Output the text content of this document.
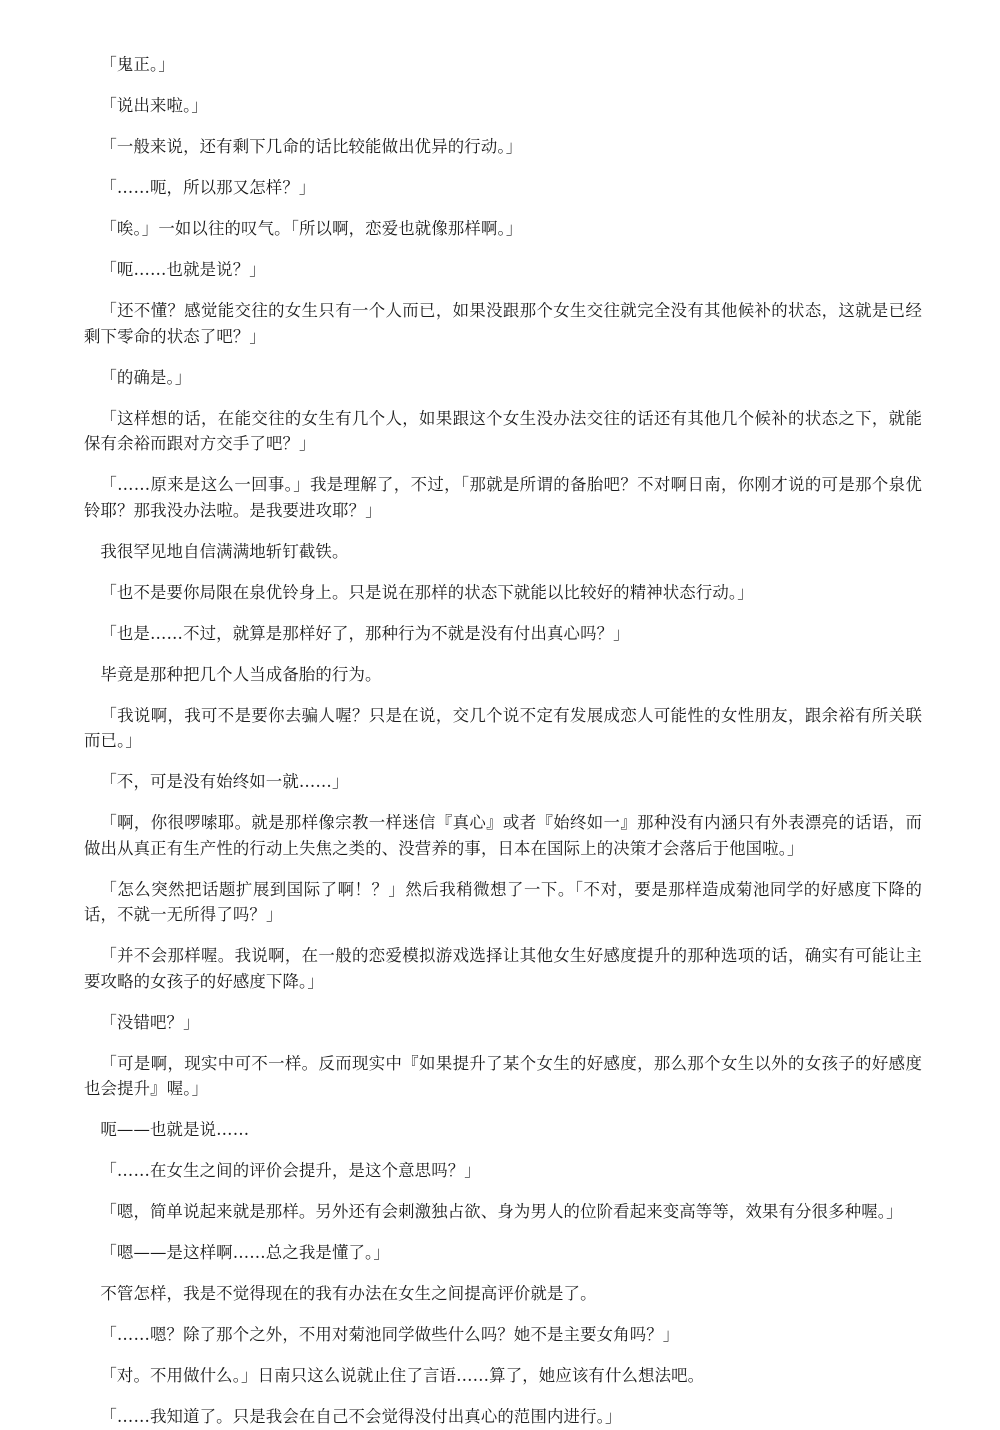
「鬼正。」

「说出来啦。」

「一般来说，还有剩下几命的话比较能做出优异的行动。」

「……呃，所以那又怎样？」

「唉。」一如以往的叹气。「所以啊，恋爱也就像那样啊。」

「呃……也就是说？」

「还不懂？感觉能交往的女生只有一个人而已，如果没跟那个女生交往就完全没有其他候补的状态，这就是已经剩下零命的状态了吧？」

「的确是。」

「这样想的话，在能交往的女生有几个人，如果跟这个女生没办法交往的话还有其他几个候补的状态之下，就能保有余裕而跟对方交手了吧？」

「……原来是这么一回事。」我是理解了，不过，「那就是所谓的备胎吧？不对啊日南，你刚才说的可是那个泉优铃耶？那我没办法啦。是我要进攻耶？」

我很罕见地自信满满地斩钉截铁。

「也不是要你局限在泉优铃身上。只是说在那样的状态下就能以比较好的精神状态行动。」

「也是……不过，就算是那样好了，那种行为不就是没有付出真心吗？」

毕竟是那种把几个人当成备胎的行为。

「我说啊，我可不是要你去骗人喔？只是在说，交几个说不定有发展成恋人可能性的女性朋友，跟余裕有所关联而已。」

「不，可是没有始终如一就……」

「啊，你很啰嗦耶。就是那样像宗教一样迷信『真心』或者『始终如一』那种没有内涵只有外表漂亮的话语，而做出从真正有生产性的行动上失焦之类的、没营养的事，日本在国际上的决策才会落后于他国啦。」

「怎么突然把话题扩展到国际了啊！？」然后我稍微想了一下。「不对，要是那样造成菊池同学的好感度下降的话，不就一无所得了吗？」

「并不会那样喔。我说啊，在一般的恋爱模拟游戏选择让其他女生好感度提升的那种选项的话，确实有可能让主要攻略的女孩子的好感度下降。」

「没错吧？」

「可是啊，现实中可不一样。反而现实中『如果提升了某个女生的好感度，那么那个女生以外的女孩子的好感度也会提升』喔。」

呃——也就是说……

「……在女生之间的评价会提升，是这个意思吗？」

「嗯，简单说起来就是那样。另外还有会刺激独占欲、身为男人的位阶看起来变高等等，效果有分很多种喔。」

「嗯——是这样啊……总之我是懂了。」

不管怎样，我是不觉得现在的我有办法在女生之间提高评价就是了。

「……嗯？除了那个之外，不用对菊池同学做些什么吗？她不是主要女角吗？」

「对。不用做什么。」日南只这么说就止住了言语……算了，她应该有什么想法吧。

「……我知道了。只是我会在自己不会觉得没付出真心的范围内进行。」
